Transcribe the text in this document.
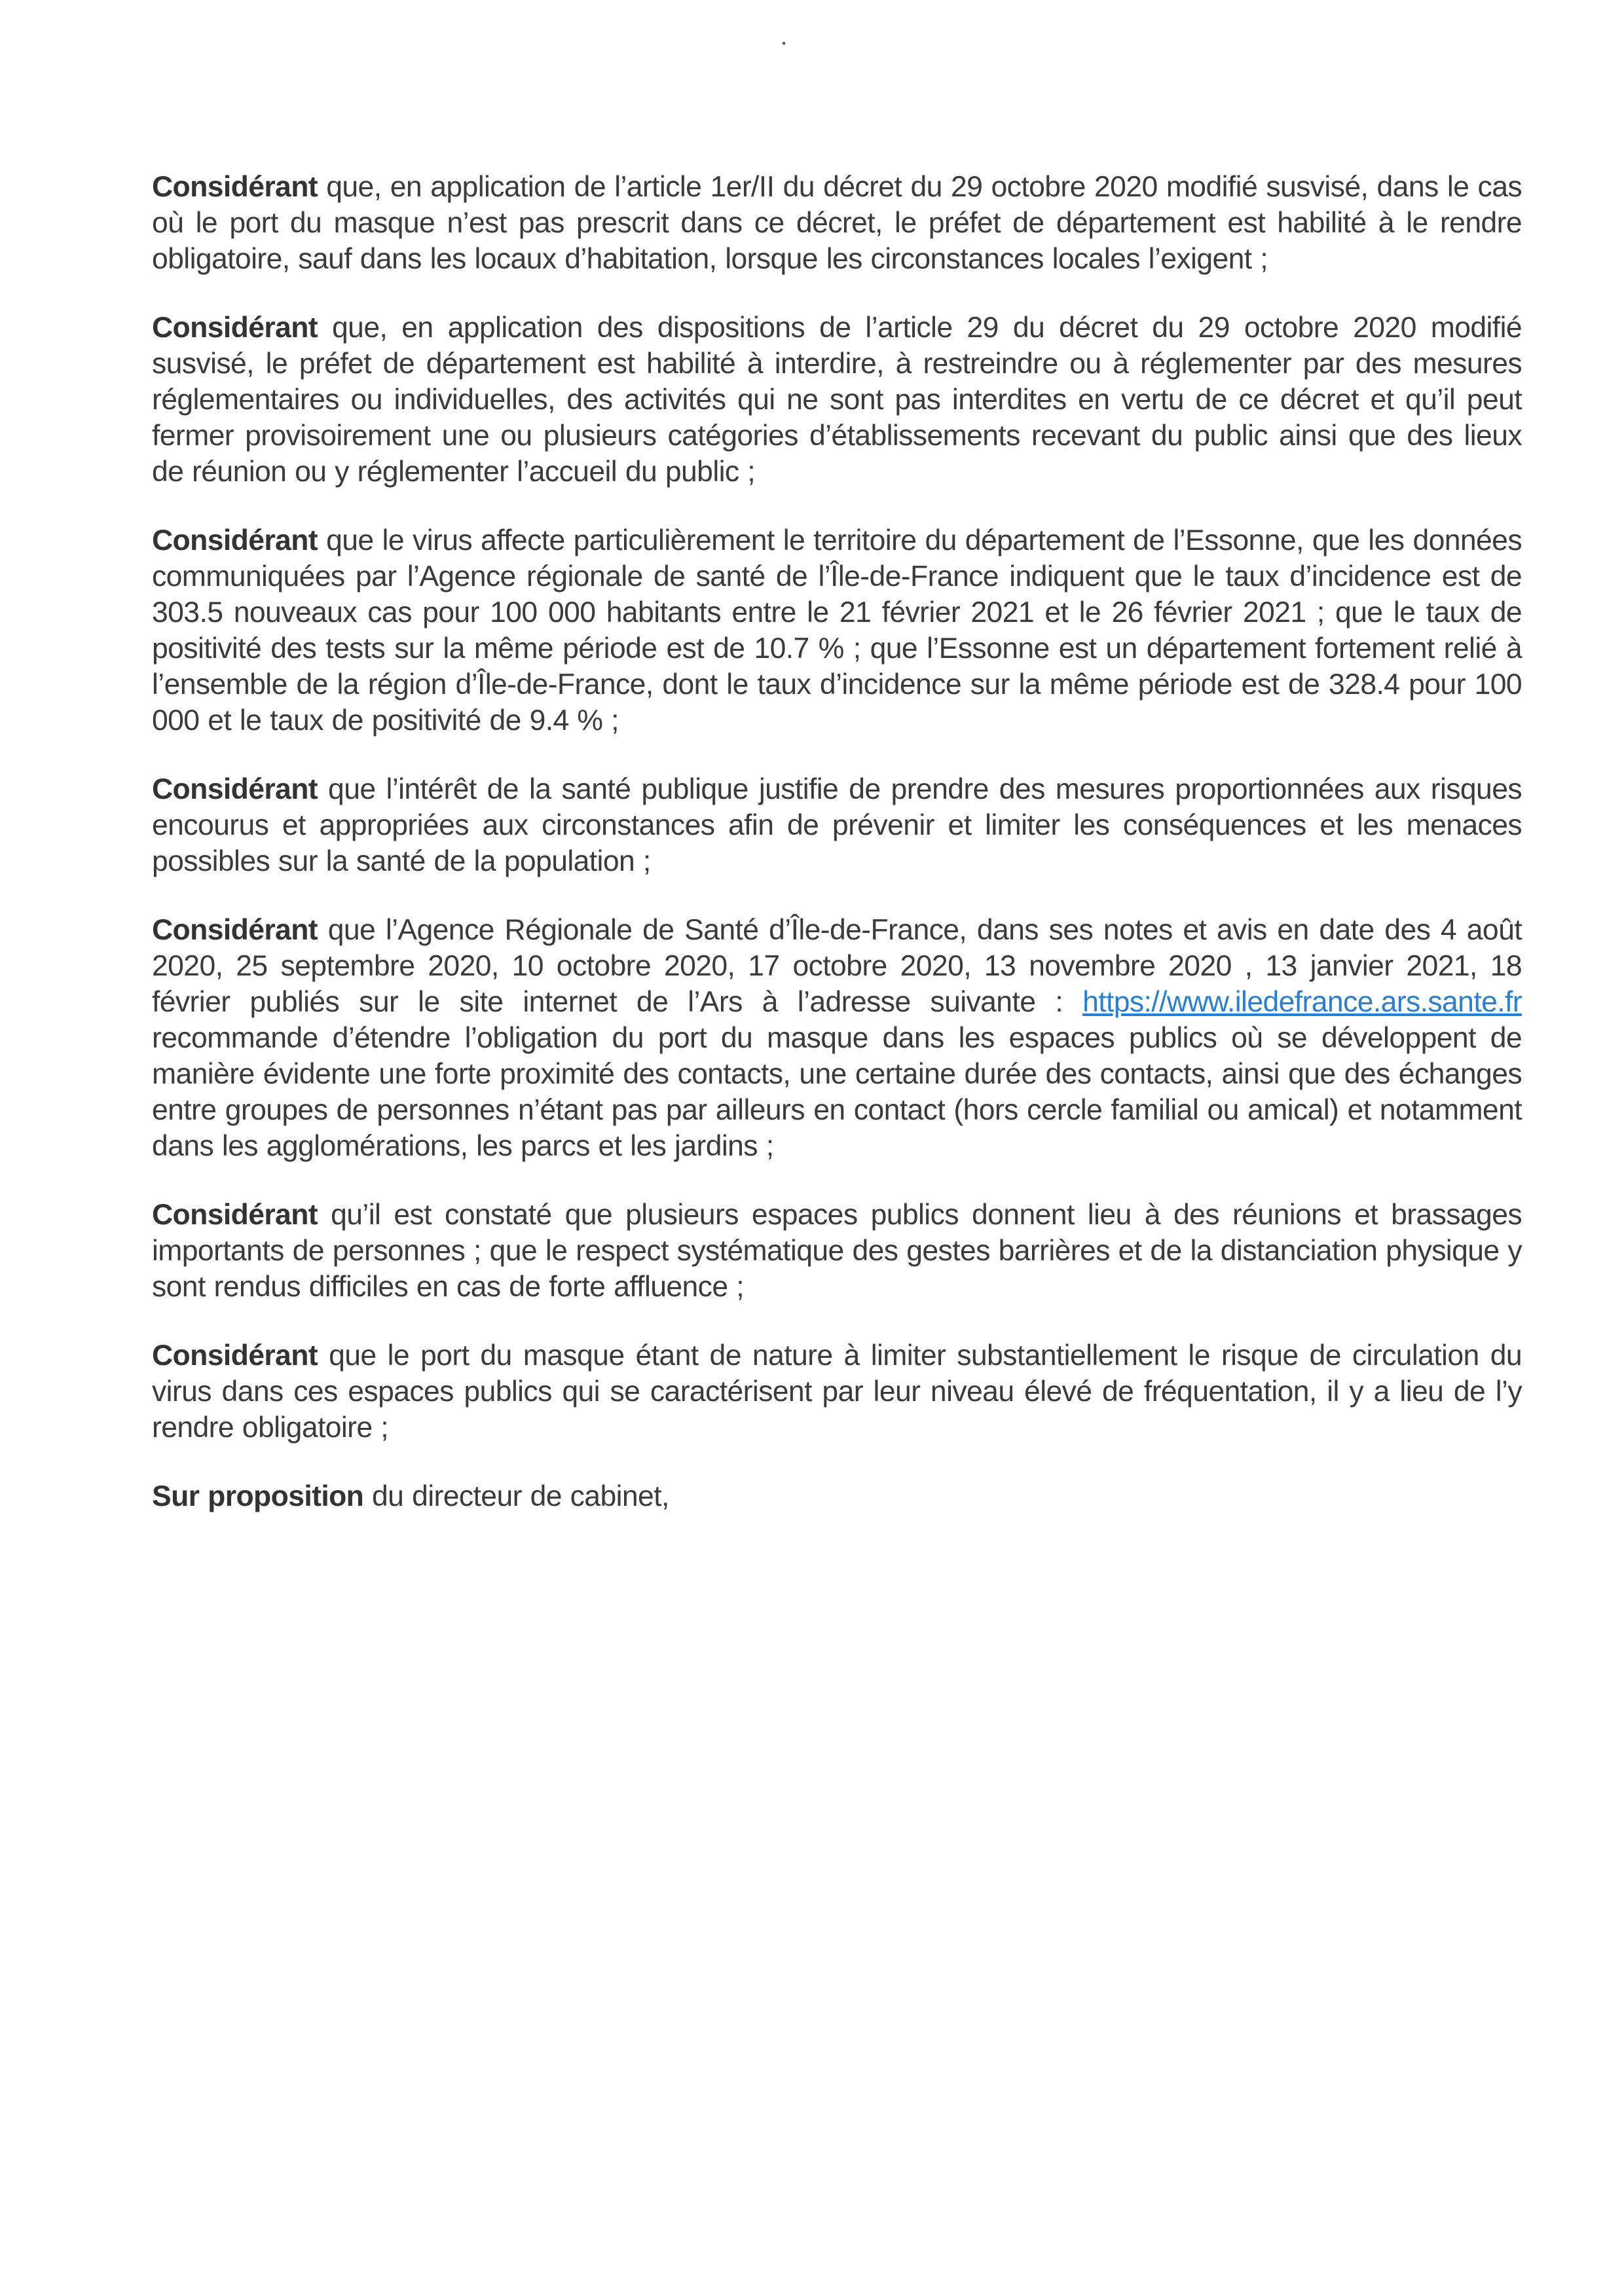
Considérant que, en application de l’article 1er/II du décret du 29 octobre 2020 modifié susvisé, dans le cas où le port du masque n’est pas prescrit dans ce décret, le préfet de département est habilité à le rendre obligatoire, sauf dans les locaux d’habitation, lorsque les circonstances locales l’exigent ;

Considérant que, en application des dispositions de l’article 29 du décret du 29 octobre 2020 modifié susvisé, le préfet de département est habilité à interdire, à restreindre ou à réglementer par des mesures réglementaires ou individuelles, des activités qui ne sont pas interdites en vertu de ce décret et qu’il peut fermer provisoirement une ou plusieurs catégories d’établissements recevant du public ainsi que des lieux de réunion ou y réglementer l’accueil du public ;

Considérant que le virus affecte particulièrement le territoire du département de l’Essonne, que les données communiquées par l’Agence régionale de santé de l’Île-de-France indiquent que le taux d’incidence est de 303.5 nouveaux cas pour 100 000 habitants entre le 21 février 2021 et le 26 février 2021 ; que le taux de positivité des tests sur la même période est de 10.7 % ; que l’Essonne est un département fortement relié à l’ensemble de la région d’Île-de-France, dont le taux d’incidence sur la même période est de 328.4 pour 100 000 et le taux de positivité de 9.4 % ;

Considérant que l’intérêt de la santé publique justifie de prendre des mesures proportionnées aux risques encourus et appropriées aux circonstances afin de prévenir et limiter les conséquences et les menaces possibles sur la santé de la population ;

Considérant que l’Agence Régionale de Santé d’Île-de-France, dans ses notes et avis en date des 4 août 2020, 25 septembre 2020, 10 octobre 2020, 17 octobre 2020, 13 novembre 2020 , 13 janvier 2021, 18 février publiés sur le site internet de l’Ars à l’adresse suivante : https://www.iledefrance.ars.sante.fr recommande d’étendre l’obligation du port du masque dans les espaces publics où se développent de manière évidente une forte proximité des contacts, une certaine durée des contacts, ainsi que des échanges entre groupes de personnes n’étant pas par ailleurs en contact (hors cercle familial ou amical) et notamment dans les agglomérations, les parcs et les jardins ;

Considérant qu’il est constaté que plusieurs espaces publics donnent lieu à des réunions et brassages importants de personnes ; que le respect systématique des gestes barrières et de la distanciation physique y sont rendus difficiles en cas de forte affluence ;

Considérant que le port du masque étant de nature à limiter substantiellement le risque de circulation du virus dans ces espaces publics qui se caractérisent par leur niveau élevé de fréquentation, il y a lieu de l’y rendre obligatoire ;

Sur proposition du directeur de cabinet,
